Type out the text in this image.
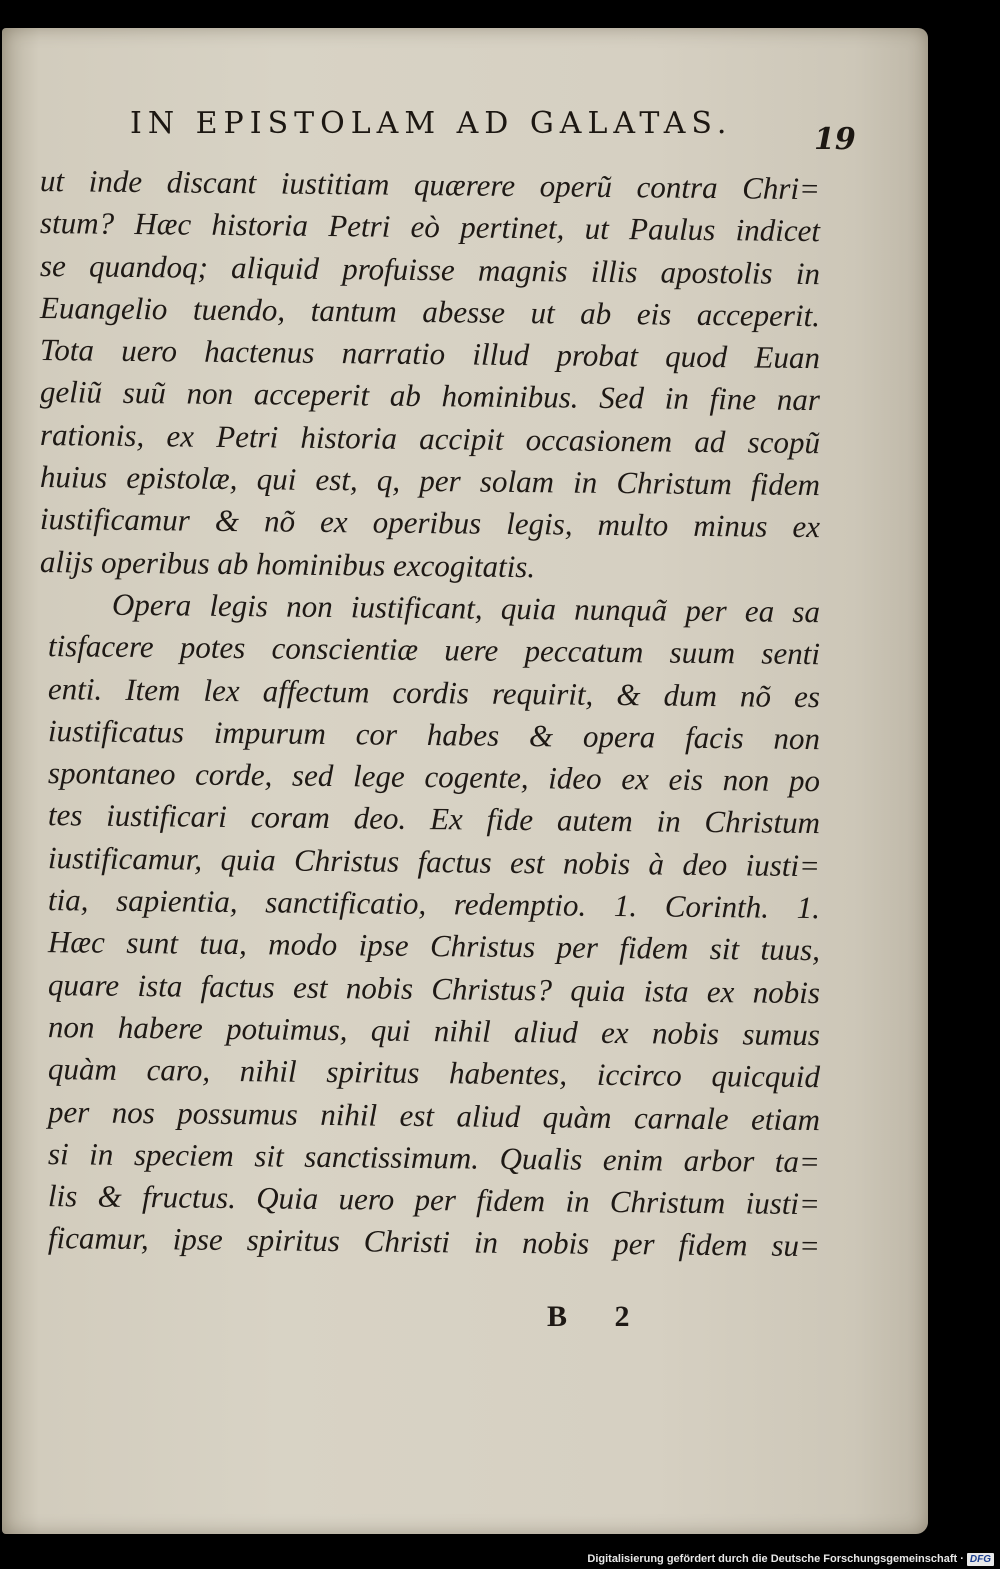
IN EPISTOLAM AD GALATAS.	19
ut inde discant iustitiam quærere operũ contra Chri=
stum? Hæc historia Petri eò pertinet, ut Paulus indicet
se quandoq; aliquid profuisse magnis illis apostolis in
Euangelio tuendo, tantum abesse ut ab eis acceperit.
Tota uero hactenus narratio illud probat quod Euan
geliũ suũ non acceperit ab hominibus. Sed in fine nar
rationis, ex Petri historia accipit occasionem ad scopũ
huius epistolæ, qui est, q, per solam in Christum fidem
iustificamur & nõ ex operibus legis, multo minus ex
alijs operibus ab hominibus excogitatis.
Opera legis non iustificant, quia nunquã per ea sa
tisfacere potes conscientiæ uere peccatum suum senti
enti. Item lex affectum cordis requirit, & dum nõ es
iustificatus impurum cor habes & opera facis non
spontaneo corde, sed lege cogente, ideo ex eis non po
tes iustificari coram deo. Ex fide autem in Christum
iustificamur, quia Christus factus est nobis à deo iusti=
tia, sapientia, sanctificatio, redemptio. 1. Corinth. 1.
Hæc sunt tua, modo ipse Christus per fidem sit tuus,
quare ista factus est nobis Christus? quia ista ex nobis
non habere potuimus, qui nihil aliud ex nobis sumus
quàm caro, nihil spiritus habentes, iccirco quicquid
per nos possumus nihil est aliud quàm carnale etiam
si in speciem sit sanctissimum. Qualis enim arbor ta=
lis & fructus. Quia uero per fidem in Christum iusti=
ficamur, ipse spiritus Christi in nobis per fidem su=
B 2
Digitalisierung gefördert durch die Deutsche Forschungsgemeinschaft · DFG
